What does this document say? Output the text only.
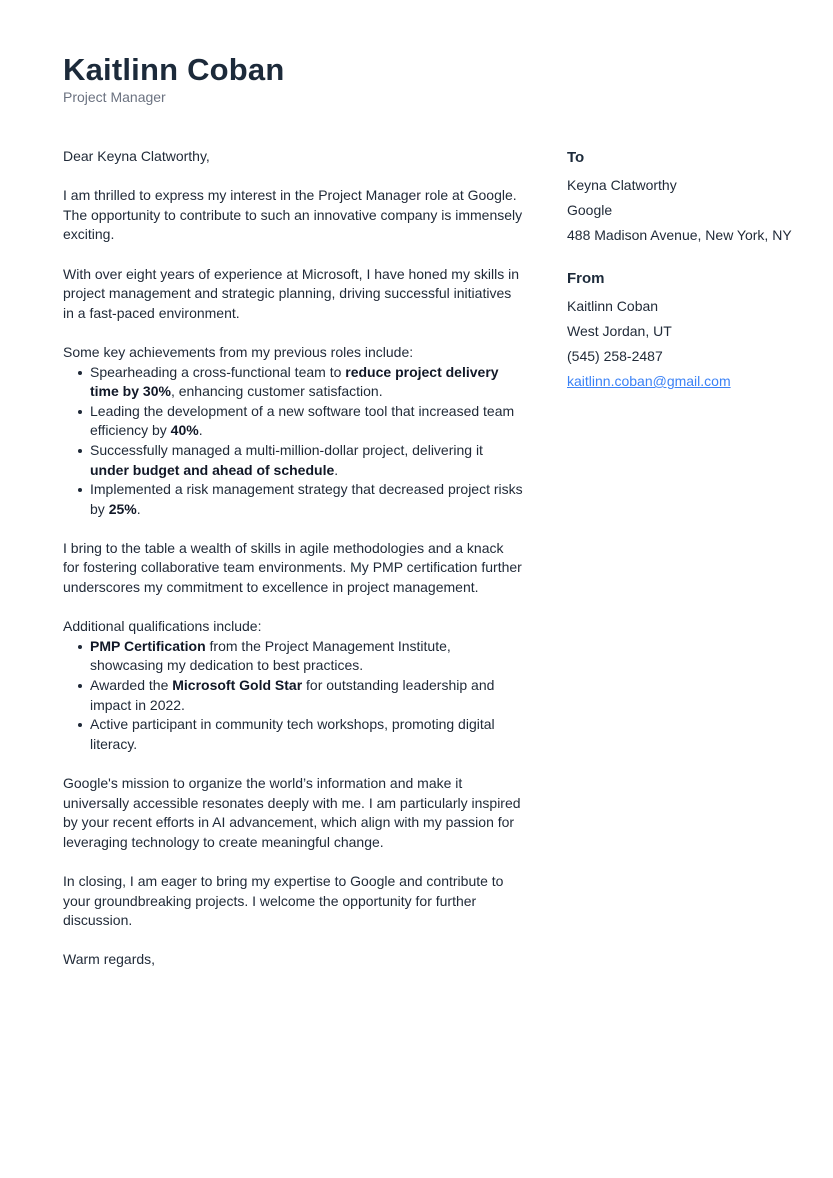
Kaitlinn Coban
Project Manager

Dear Keyna Clatworthy,

I am thrilled to express my interest in the Project Manager role at Google. The opportunity to contribute to such an innovative company is immensely exciting.

With over eight years of experience at Microsoft, I have honed my skills in project management and strategic planning, driving successful initiatives in a fast-paced environment.

Some key achievements from my previous roles include:

Spearheading a cross-functional team to reduce project delivery time by 30%, enhancing customer satisfaction.
Leading the development of a new software tool that increased team efficiency by 40%.
Successfully managed a multi-million-dollar project, delivering it under budget and ahead of schedule.
Implemented a risk management strategy that decreased project risks by 25%.

I bring to the table a wealth of skills in agile methodologies and a knack for fostering collaborative team environments. My PMP certification further underscores my commitment to excellence in project management.

Additional qualifications include:

PMP Certification from the Project Management Institute, showcasing my dedication to best practices.
Awarded the Microsoft Gold Star for outstanding leadership and impact in 2022.
Active participant in community tech workshops, promoting digital literacy.

Google's mission to organize the world’s information and make it universally accessible resonates deeply with me. I am particularly inspired by your recent efforts in AI advancement, which align with my passion for leveraging technology to create meaningful change.

In closing, I am eager to bring my expertise to Google and contribute to your groundbreaking projects. I welcome the opportunity for further discussion.

Warm regards,

To
Keyna Clatworthy
Google
488 Madison Avenue, New York, NY
From
Kaitlinn Coban
West Jordan, UT
(545) 258-2487
kaitlinn.coban@gmail.com
